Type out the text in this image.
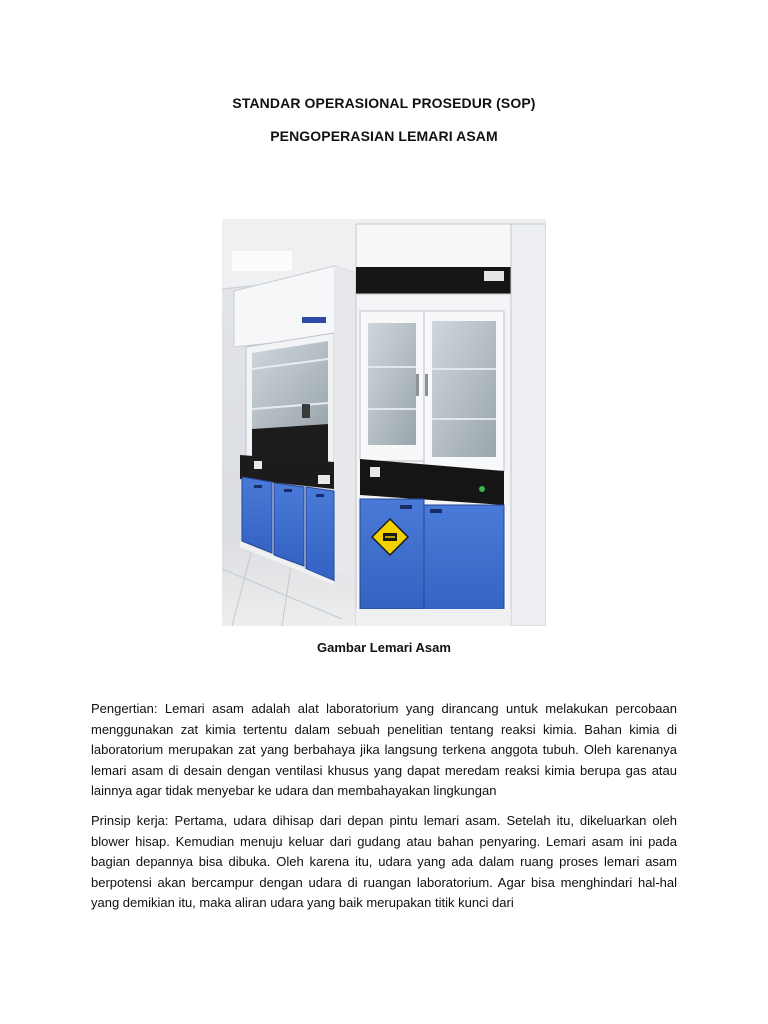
STANDAR OPERASIONAL PROSEDUR (SOP)
PENGOPERASIAN LEMARI ASAM
Gambar Lemari Asam

Pengertian: Lemari asam adalah alat laboratorium yang dirancang untuk melakukan percobaan menggunakan zat kimia tertentu dalam sebuah penelitian tentang reaksi kimia. Bahan kimia di laboratorium merupakan zat yang berbahaya jika langsung terkena anggota tubuh. Oleh karenanya lemari asam di desain dengan ventilasi khusus yang dapat meredam reaksi kimia berupa gas atau lainnya agar tidak menyebar ke udara dan membahayakan lingkungan

Prinsip kerja: Pertama, udara dihisap dari depan pintu lemari asam. Setelah itu, dikeluarkan oleh blower hisap. Kemudian menuju keluar dari gudang atau bahan penyaring. Lemari asam ini pada bagian depannya bisa dibuka. Oleh karena itu, udara yang ada dalam ruang proses lemari asam berpotensi akan bercampur dengan udara di ruangan laboratorium. Agar bisa menghindari hal-hal yang demikian itu, maka aliran udara yang baik merupakan titik kunci dari
